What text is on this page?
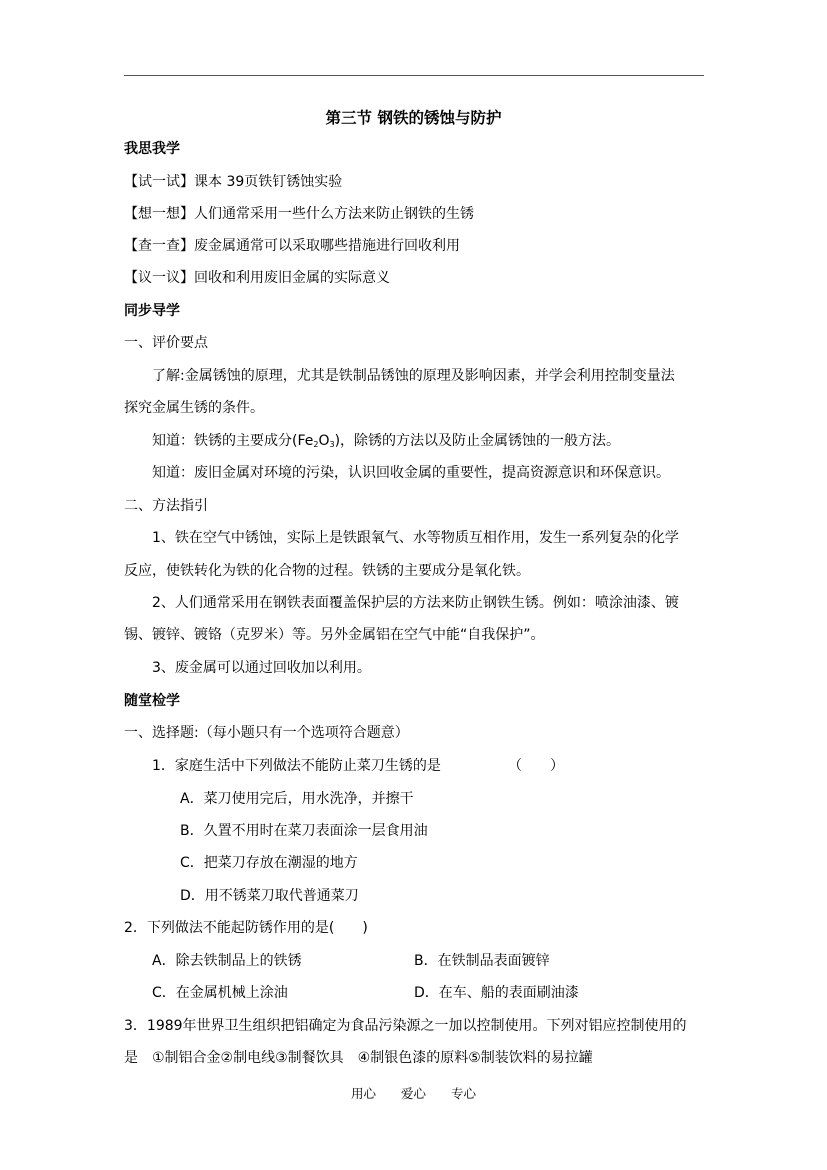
第三节 钢铁的锈蚀与防护
我思我学
【试一试】课本 39页铁钉锈蚀实验
【想一想】人们通常采用一些什么方法来防止钢铁的生锈
【查一查】废金属通常可以采取哪些措施进行回收利用
【议一议】回收和利用废旧金属的实际意义
同步导学
一、评价要点
了解:金属锈蚀的原理，尤其是铁制品锈蚀的原理及影响因素，并学会利用控制变量法
探究金属生锈的条件。
知道：铁锈的主要成分$(Fe_2O_3)$，除锈的方法以及防止金属锈蚀的一般方法。
知道：废旧金属对环境的污染，认识回收金属的重要性，提高资源意识和环保意识。
二、方法指引
1、铁在空气中锈蚀，实际上是铁跟氧气、水等物质互相作用，发生一系列复杂的化学
反应，使铁转化为铁的化合物的过程。铁锈的主要成分是氧化铁。
2、人们通常采用在钢铁表面覆盖保护层的方法来防止钢铁生锈。例如：喷涂油漆、镀
锡、镀锌、镀铬（克罗米）等。另外金属铝在空气中能“自我保护”。
3、废金属可以通过回收加以利用。
随堂检学
一、选择题:（每小题只有一个选项符合题意）
1．家庭生活中下列做法不能防止菜刀生锈的是	（　　）
A．菜刀使用完后，用水洗净，并擦干
B．久置不用时在菜刀表面涂一层食用油
C．把菜刀存放在潮湿的地方
D．用不锈菜刀取代普通菜刀
2．下列做法不能起防锈作用的是(　　)
A．除去铁制品上的铁锈	B．在铁制品表面镀锌
C．在金属机械上涂油	D．在车、船的表面刷油漆
3．1989年世界卫生组织把铝确定为食品污染源之一加以控制使用。下列对铝应控制使用的
是　①制铝合金②制电线③制餐饮具　④制银色漆的原料⑤制装饮料的易拉罐
用心 爱心 专心
